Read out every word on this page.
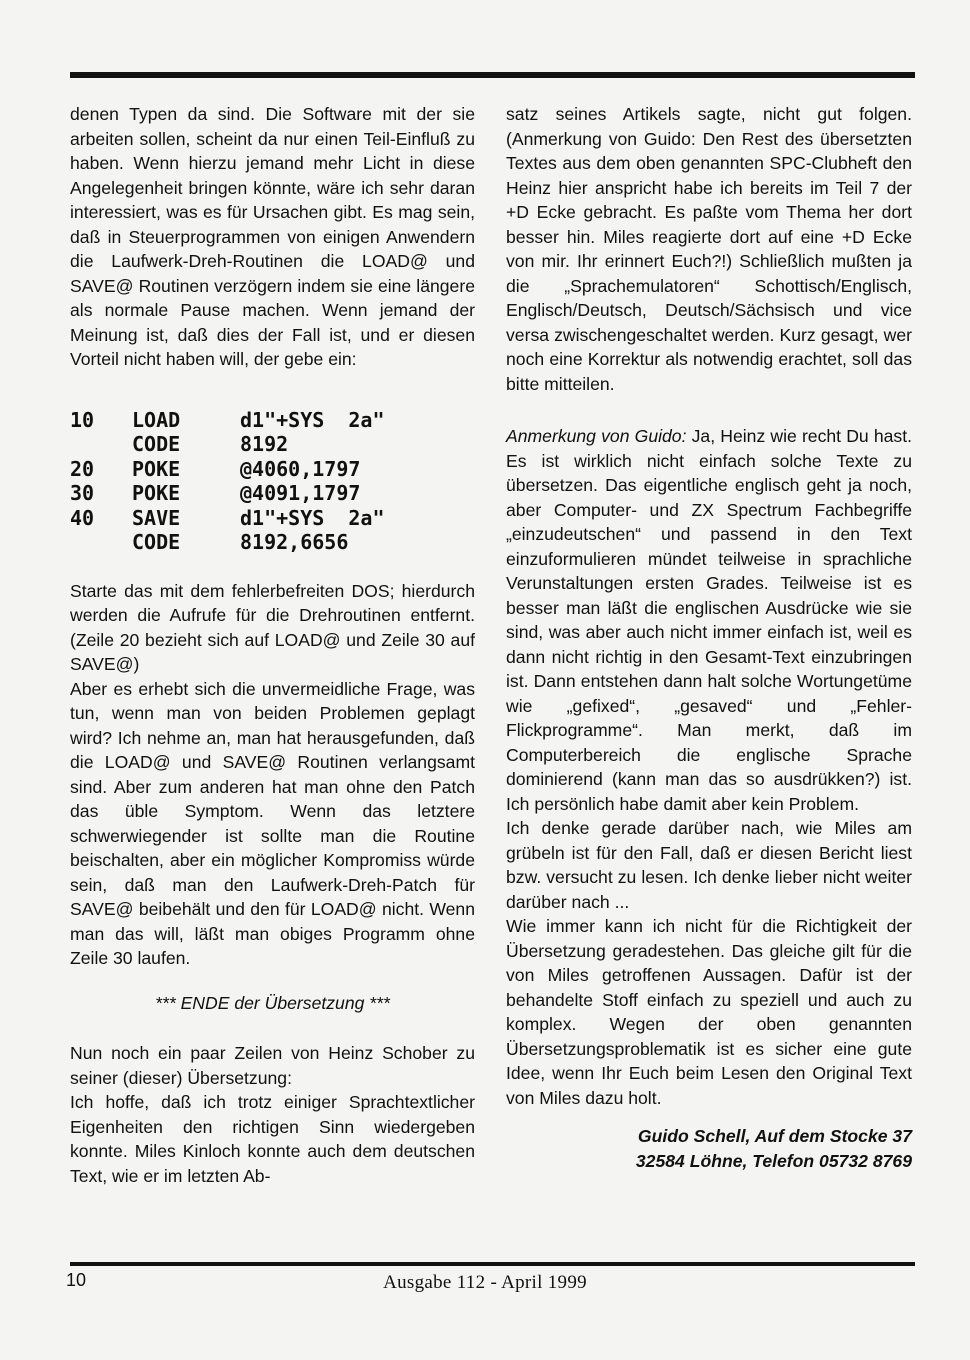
denen Typen da sind. Die Software mit der sie arbeiten sollen, scheint da nur einen Teil-Einfluß zu haben. Wenn hierzu jemand mehr Licht in diese Angelegenheit bringen könnte, wäre ich sehr daran interessiert, was es für Ursachen gibt. Es mag sein, daß in Steuerprogrammen von einigen Anwendern die Laufwerk-Dreh-Routinen die LOAD@ und SAVE@ Routinen verzögern indem sie eine längere als normale Pause machen. Wenn jemand der Meinung ist, daß dies der Fall ist, und er diesen Vorteil nicht haben will, der gebe ein:

10 LOAD	d1"+SYS  2a"
CODE	8192
20 POKE	@4060,1797
30 POKE	@4091,1797
40 SAVE	d1"+SYS  2a"
CODE	8192,6656

Starte das mit dem fehlerbefreiten DOS; hierdurch werden die Aufrufe für die Drehroutinen entfernt. (Zeile 20 bezieht sich auf LOAD@ und Zeile 30 auf SAVE@)

Aber es erhebt sich die unvermeidliche Frage, was tun, wenn man von beiden Problemen geplagt wird? Ich nehme an, man hat herausgefunden, daß die LOAD@ und SAVE@ Routinen verlangsamt sind. Aber zum anderen hat man ohne den Patch das üble Symptom. Wenn das letztere schwerwiegender ist sollte man die Routine beischalten, aber ein möglicher Kompromiss würde sein, daß man den Laufwerk-Dreh-Patch für SAVE@ beibehält und den für LOAD@ nicht. Wenn man das will, läßt man obiges Programm ohne Zeile 30 laufen.

*** ENDE der Übersetzung ***

Nun noch ein paar Zeilen von Heinz Schober zu seiner (dieser) Übersetzung:

Ich hoffe, daß ich trotz einiger Sprachtextlicher Eigenheiten den richtigen Sinn wiedergeben konnte. Miles Kinloch konnte auch dem deutschen Text, wie er im letzten Ab-

satz seines Artikels sagte, nicht gut folgen. (Anmerkung von Guido: Den Rest des übersetzten Textes aus dem oben genannten SPC-Clubheft den Heinz hier anspricht habe ich bereits im Teil 7 der +D Ecke gebracht. Es paßte vom Thema her dort besser hin. Miles reagierte dort auf eine +D Ecke von mir. Ihr erinnert Euch?!) Schließlich mußten ja die „Sprachemulatoren“ Schottisch/Englisch, Englisch/Deutsch, Deutsch/Sächsisch und vice versa zwischengeschaltet werden. Kurz gesagt, wer noch eine Korrektur als notwendig erachtet, soll das bitte mitteilen.

Anmerkung von Guido: Ja, Heinz wie recht Du hast. Es ist wirklich nicht einfach solche Texte zu übersetzen. Das eigentliche englisch geht ja noch, aber Computer- und ZX Spectrum Fachbegriffe „einzudeutschen“ und passend in den Text einzuformulieren mündet teilweise in sprachliche Verunstaltungen ersten Grades. Teilweise ist es besser man läßt die englischen Ausdrücke wie sie sind, was aber auch nicht immer einfach ist, weil es dann nicht richtig in den Gesamt-Text einzubringen ist. Dann entstehen dann halt solche Wortungetüme wie „gefixed“, „gesaved“ und „Fehler-Flickprogramme“. Man merkt, daß im Computerbereich die englische Sprache dominierend (kann man das so ausdrükken?) ist. Ich persönlich habe damit aber kein Problem.

Ich denke gerade darüber nach, wie Miles am grübeln ist für den Fall, daß er diesen Bericht liest bzw. versucht zu lesen. Ich denke lieber nicht weiter darüber nach ...

Wie immer kann ich nicht für die Richtigkeit der Übersetzung geradestehen. Das gleiche gilt für die von Miles getroffenen Aussagen. Dafür ist der behandelte Stoff einfach zu speziell und auch zu komplex. Wegen der oben genannten Übersetzungsproblematik ist es sicher eine gute Idee, wenn Ihr Euch beim Lesen den Original Text von Miles dazu holt.

Guido Schell, Auf dem Stocke 37
32584 Löhne, Telefon 05732 8769

10	Ausgabe 112 - April 1999
